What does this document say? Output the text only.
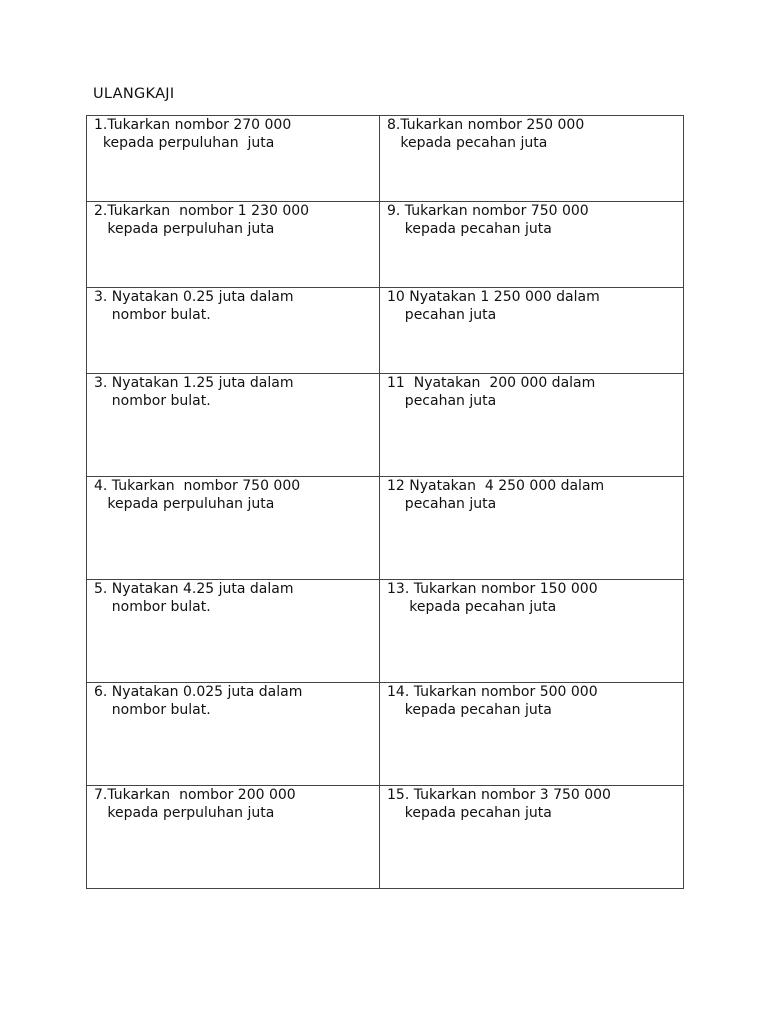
ULANGKAJI
1.Tukarkan nombor 270 000
kepada perpuluhan  juta	8.Tukarkan nombor 250 000
kepada pecahan juta

2.Tukarkan  nombor 1 230 000
kepada perpuluhan juta	9. Tukarkan nombor 750 000
kepada pecahan juta

3. Nyatakan 0.25 juta dalam
nombor bulat.	10 Nyatakan 1 250 000 dalam
pecahan juta

3. Nyatakan 1.25 juta dalam
nombor bulat.	11  Nyatakan  200 000 dalam
pecahan juta

4. Tukarkan  nombor 750 000
kepada perpuluhan juta	12 Nyatakan  4 250 000 dalam
pecahan juta

5. Nyatakan 4.25 juta dalam
nombor bulat.	13. Tukarkan nombor 150 000
kepada pecahan juta

6. Nyatakan 0.025 juta dalam
nombor bulat.	14. Tukarkan nombor 500 000
kepada pecahan juta

7.Tukarkan  nombor 200 000
kepada perpuluhan juta	15. Tukarkan nombor 3 750 000
kepada pecahan juta
